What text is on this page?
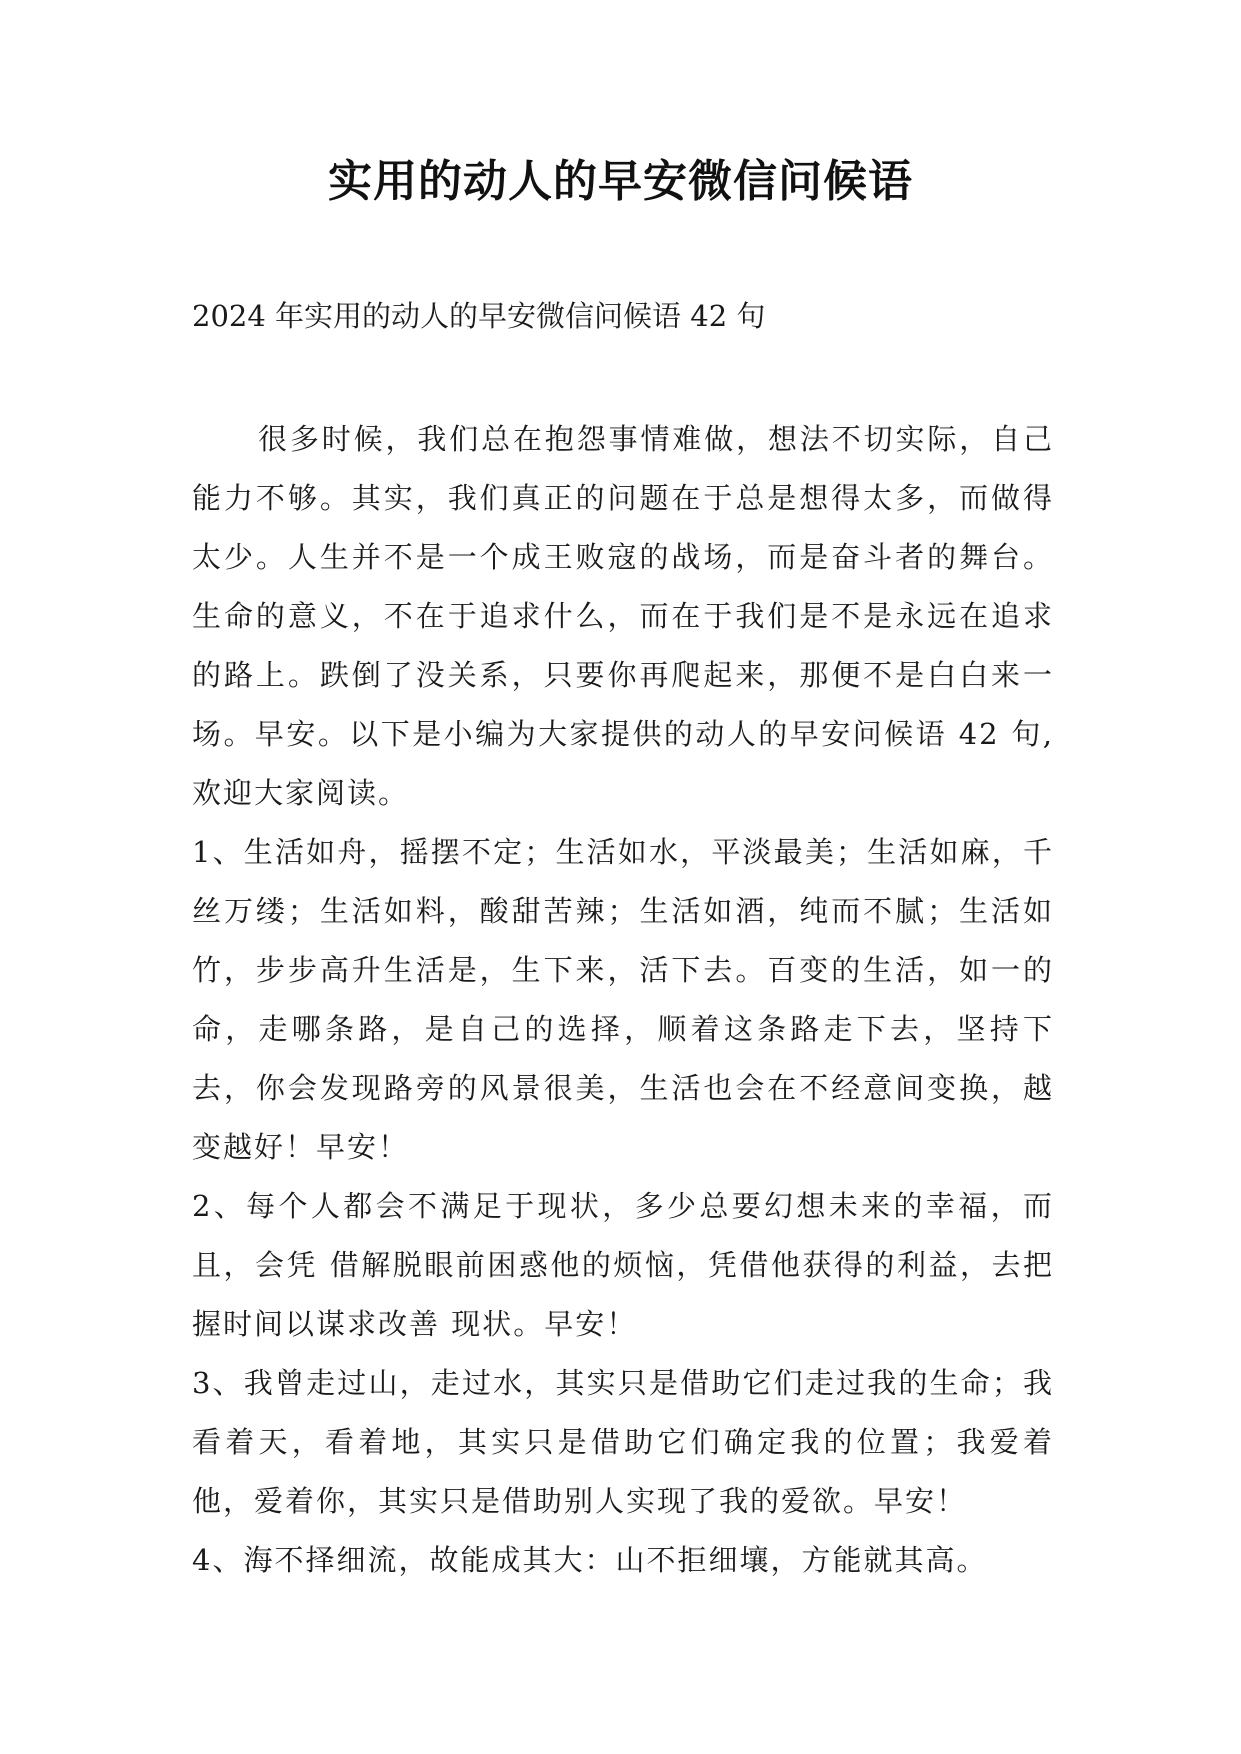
实用的动人的早安微信问候语

2024 年实用的动人的早安微信问候语 42 句

很多时候，我们总在抱怨事情难做，想法不切实际，自己能力不够。其实，我们真正的问题在于总是想得太多，而做得太少。人生并不是一个成王败寇的战场，而是奋斗者的舞台。生命的意义，不在于追求什么，而在于我们是不是永远在追求的路上。跌倒了没关系，只要你再爬起来，那便不是白白来一场。早安。以下是小编为大家提供的动人的早安问候语 42 句,欢迎大家阅读。

1、生活如舟，摇摆不定；生活如水，平淡最美；生活如麻，千丝万缕；生活如料，酸甜苦辣；生活如酒，纯而不腻；生活如竹，步步高升生活是，生下来，活下去。百变的生活，如一的命，走哪条路，是自己的选择，顺着这条路走下去，坚持下去，你会发现路旁的风景很美，生活也会在不经意间变换，越变越好！早安！

2、每个人都会不满足于现状，多少总要幻想未来的幸福，而且，会凭 借解脱眼前困惑他的烦恼，凭借他获得的利益，去把握时间以谋求改善 现状。早安！

3、我曾走过山，走过水，其实只是借助它们走过我的生命；我看着天，看着地，其实只是借助它们确定我的位置；我爱着他，爱着你，其实只是借助别人实现了我的爱欲。早安！

4、海不择细流，故能成其大：山不拒细壤，方能就其高。
